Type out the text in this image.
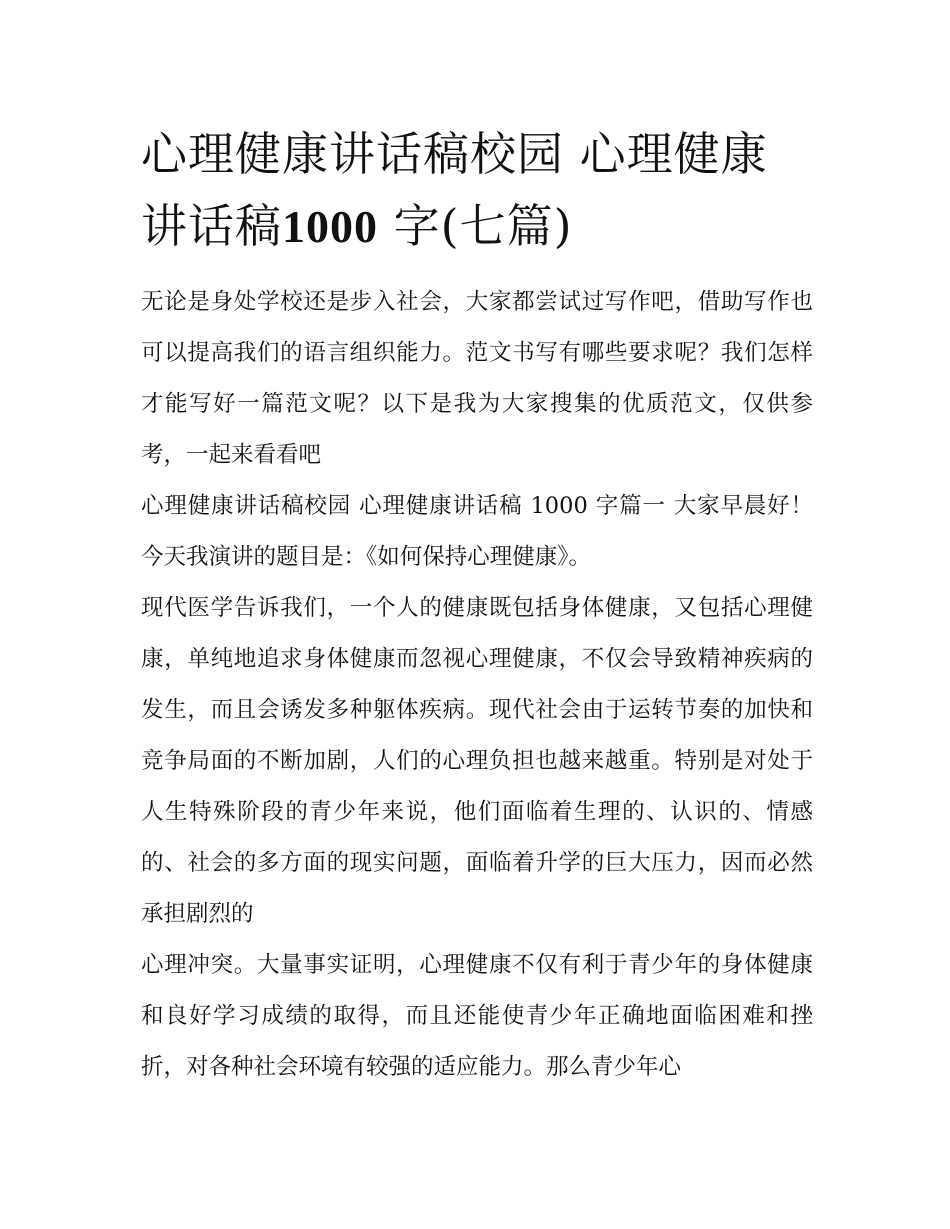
心理健康讲话稿校园 心理健康讲话稿1000 字(七篇)

无论是身处学校还是步入社会，大家都尝试过写作吧，借助写作也可以提高我们的语言组织能力。范文书写有哪些要求呢？我们怎样才能写好一篇范文呢？以下是我为大家搜集的优质范文，仅供参考，一起来看看吧

心理健康讲话稿校园 心理健康讲话稿 1000 字篇一 大家早晨好！ 今天我演讲的题目是：《如何保持心理健康》。

现代医学告诉我们，一个人的健康既包括身体健康，又包括心理健康，单纯地追求身体健康而忽视心理健康，不仅会导致精神疾病的发生，而且会诱发多种躯体疾病。现代社会由于运转节奏的加快和竞争局面的不断加剧，人们的心理负担也越来越重。特别是对处于人生特殊阶段的青少年来说，他们面临着生理的、认识的、情感的、社会的多方面的现实问题，面临着升学的巨大压力，因而必然承担剧烈的

心理冲突。大量事实证明，心理健康不仅有利于青少年的身体健康和良好学习成绩的取得，而且还能使青少年正确地面临困难和挫折，对各种社会环境有较强的适应能力。那么青少年心
